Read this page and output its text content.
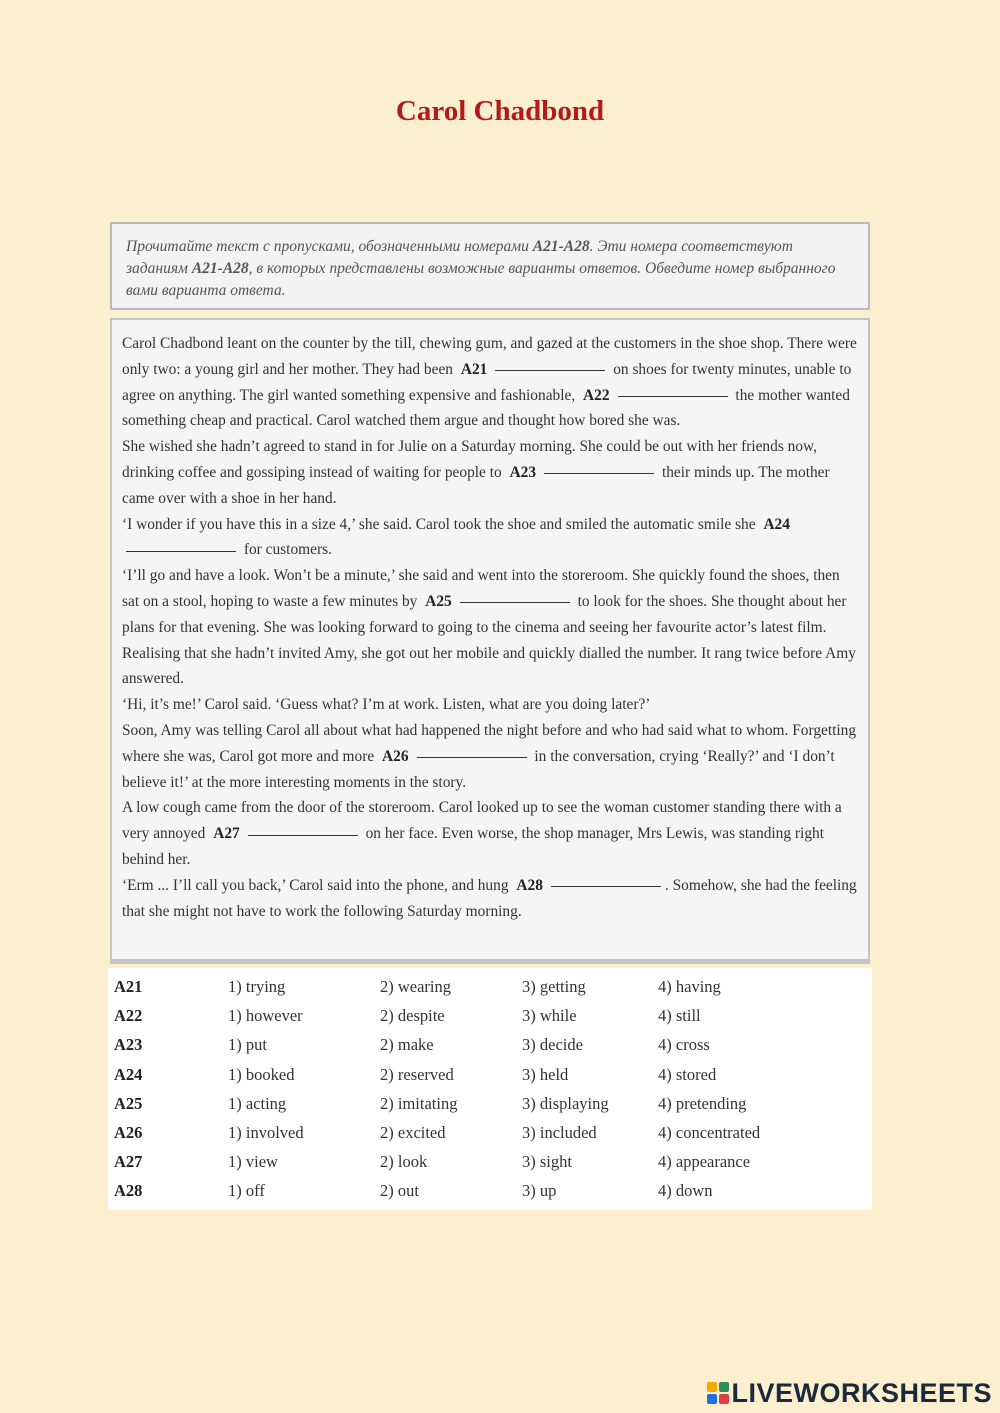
Carol Chadbond
Прочитайте текст с пропусками, обозначенными номерами A21-A28. Эти номера соответствуют заданиям A21-A28, в которых представлены возможные варианты ответов. Обведите номер выбранного вами варианта ответа.

Carol Chadbond leant on the counter by the till, chewing gum, and gazed at the customers in the shoe shop. There were only two: a young girl and her mother. They had been A21	on shoes for twenty minutes, unable to agree on anything. The girl wanted something expensive and fashionable, A22	the mother wanted something cheap and practical. Carol watched them argue and thought how bored she was.

She wished she hadn’t agreed to stand in for Julie on a Saturday morning. She could be out with her friends now, drinking coffee and gossiping instead of waiting for people to A23	their minds up. The mother came over with a shoe in her hand.

‘I wonder if you have this in a size 4,’ she said. Carol took the shoe and smiled the automatic smile she A24 for customers.

‘I’ll go and have a look. Won’t be a minute,’ she said and went into the storeroom. She quickly found the shoes, then sat on a stool, hoping to waste a few minutes by A25	to look for the shoes. She thought about her plans for that evening. She was looking forward to going to the cinema and seeing her favourite actor’s latest film. Realising that she hadn’t invited Amy, she got out her mobile and quickly dialled the number. It rang twice before Amy answered.

‘Hi, it’s me!’ Carol said. ‘Guess what? I’m at work. Listen, what are you doing later?’

Soon, Amy was telling Carol all about what had happened the night before and who had said what to whom. Forgetting where she was, Carol got more and more A26	in the conversation, crying ‘Really?’ and ‘I don’t believe it!’ at the more interesting moments in the story.

A low cough came from the door of the storeroom. Carol looked up to see the woman customer standing there with a very annoyed A27	on her face. Even worse, the shop manager, Mrs Lewis, was standing right behind her.

‘Erm ... I’ll call you back,’ Carol said into the phone, and hung A28	. Somehow, she had the feeling that she might not have to work the following Saturday morning.

A21	1) trying	2) wearing	3) getting	4) having
A22	1) however	2) despite	3) while	4) still
A23	1) put	2) make	3) decide	4) cross
A24	1) booked	2) reserved	3) held	4) stored
A25	1) acting	2) imitating	3) displaying	4) pretending
A26	1) involved	2) excited	3) included	4) concentrated
A27	1) view	2) look	3) sight	4) appearance
A28	1) off	2) out	3) up	4) down
LIVEWORKSHEETS
